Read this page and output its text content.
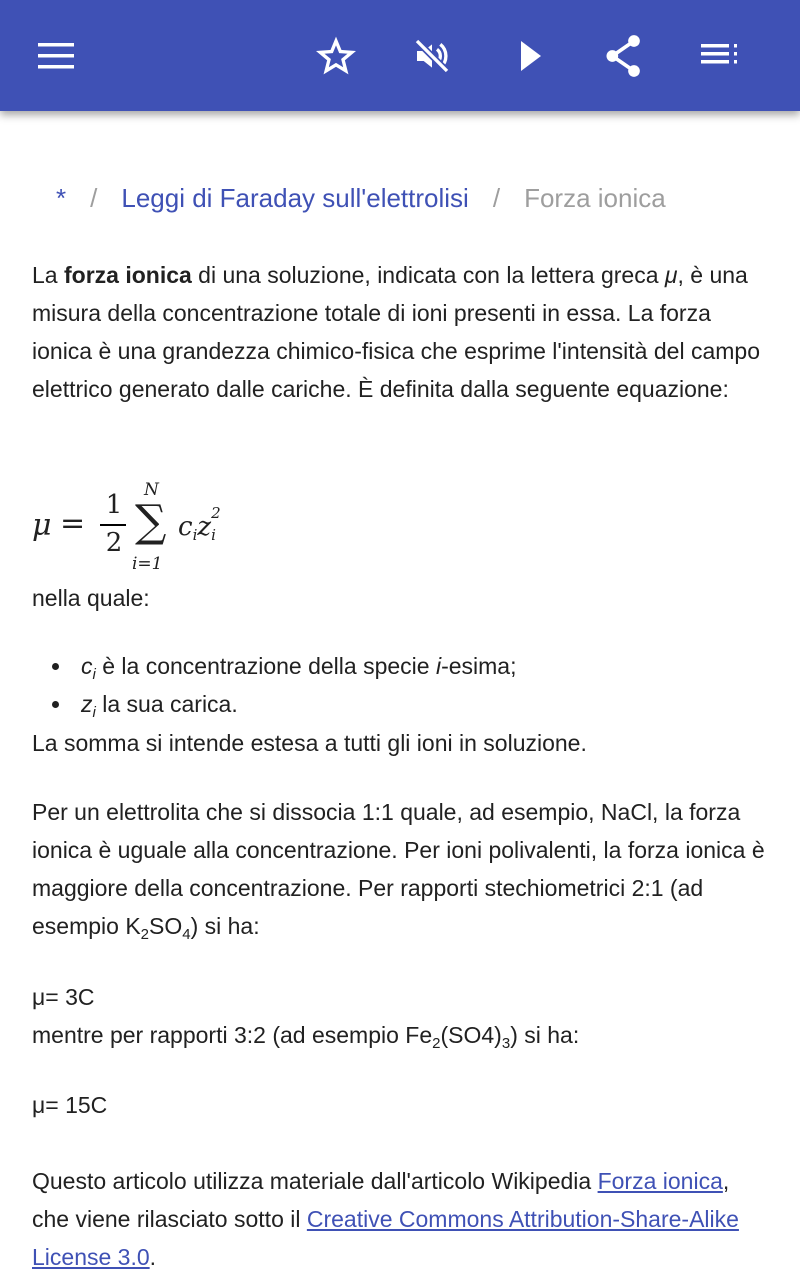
* / Leggi di Faraday sull'elettrolisi / Forza ionica

La forza ionica di una soluzione, indicata con la lettera greca μ, è una misura della concentrazione totale di ioni presenti in essa. La forza ionica è una grandezza chimico-fisica che esprime l'intensità del campo elettrico generato dalle cariche. È definita dalla seguente equazione:

μ =
1
2 ∑
N
i=1
$c_iz$ 2
$_i$

nella quale:

$c_i$ è la concentrazione della specie i-esima;
$z_i$ la sua carica.

La somma si intende estesa a tutti gli ioni in soluzione.

Per un elettrolita che si dissocia 1:1 quale, ad esempio, NaCl, la forza ionica è uguale alla concentrazione. Per ioni polivalenti, la forza ionica è maggiore della concentrazione. Per rapporti stechiometrici 2:1 (ad esempio $K_2SO_4$) si ha:

μ= 3C

mentre per rapporti 3:2 (ad esempio $Fe_2(SO4)_3$) si ha:

μ= 15C

Questo articolo utilizza materiale dall'articolo Wikipedia Forza ionica, che viene rilasciato sotto il Creative Commons Attribution-Share-Alike License 3.0.
